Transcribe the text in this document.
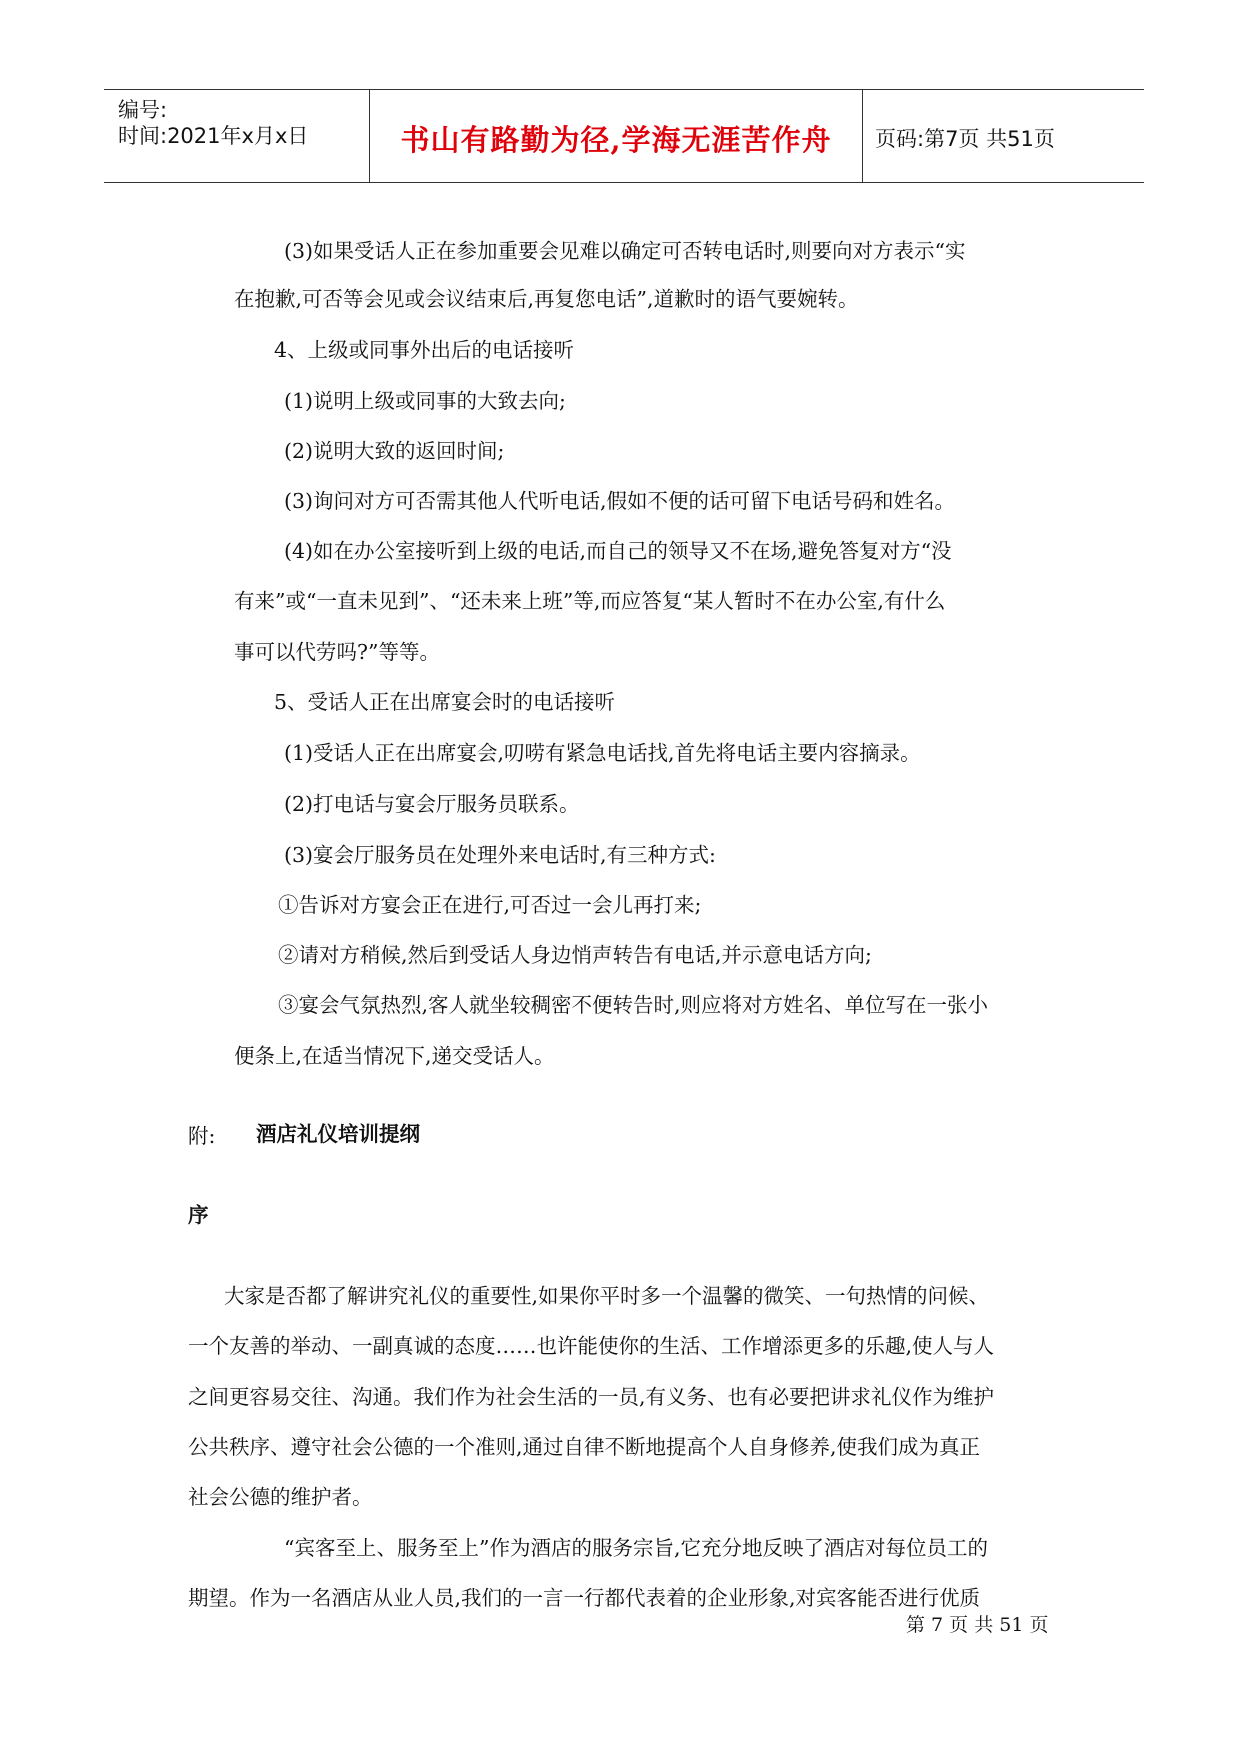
编号:
时间:2021年x月x日	书山有路勤为径,学海无涯苦作舟	页码:第7页 共51页
(3)如果受话人正在参加重要会见难以确定可否转电话时,则要向对方表示“实
在抱歉,可否等会见或会议结束后,再复您电话”,道歉时的语气要婉转。
4、上级或同事外出后的电话接听
(1)说明上级或同事的大致去向;
(2)说明大致的返回时间;
(3)询问对方可否需其他人代听电话,假如不便的话可留下电话号码和姓名。
(4)如在办公室接听到上级的电话,而自己的领导又不在场,避免答复对方“没
有来”或“一直未见到”、“还未来上班”等,而应答复“某人暂时不在办公室,有什么
事可以代劳吗?”等等。
5、受话人正在出席宴会时的电话接听
(1)受话人正在出席宴会,叨唠有紧急电话找,首先将电话主要内容摘录。
(2)打电话与宴会厅服务员联系。
(3)宴会厅服务员在处理外来电话时,有三种方式:
①告诉对方宴会正在进行,可否过一会儿再打来;
②请对方稍候,然后到受话人身边悄声转告有电话,并示意电话方向;
③宴会气氛热烈,客人就坐较稠密不便转告时,则应将对方姓名、单位写在一张小
便条上,在适当情况下,递交受话人。
附: 酒店礼仪培训提纲
序
大家是否都了解讲究礼仪的重要性,如果你平时多一个温馨的微笑、一句热情的问候、
一个友善的举动、一副真诚的态度……也许能使你的生活、工作增添更多的乐趣,使人与人
之间更容易交往、沟通。我们作为社会生活的一员,有义务、也有必要把讲求礼仪作为维护
公共秩序、遵守社会公德的一个准则,通过自律不断地提高个人自身修养,使我们成为真正
社会公德的维护者。
“宾客至上、服务至上”作为酒店的服务宗旨,它充分地反映了酒店对每位员工的
期望。作为一名酒店从业人员,我们的一言一行都代表着的企业形象,对宾客能否进行优质
第 7 页 共 51 页
